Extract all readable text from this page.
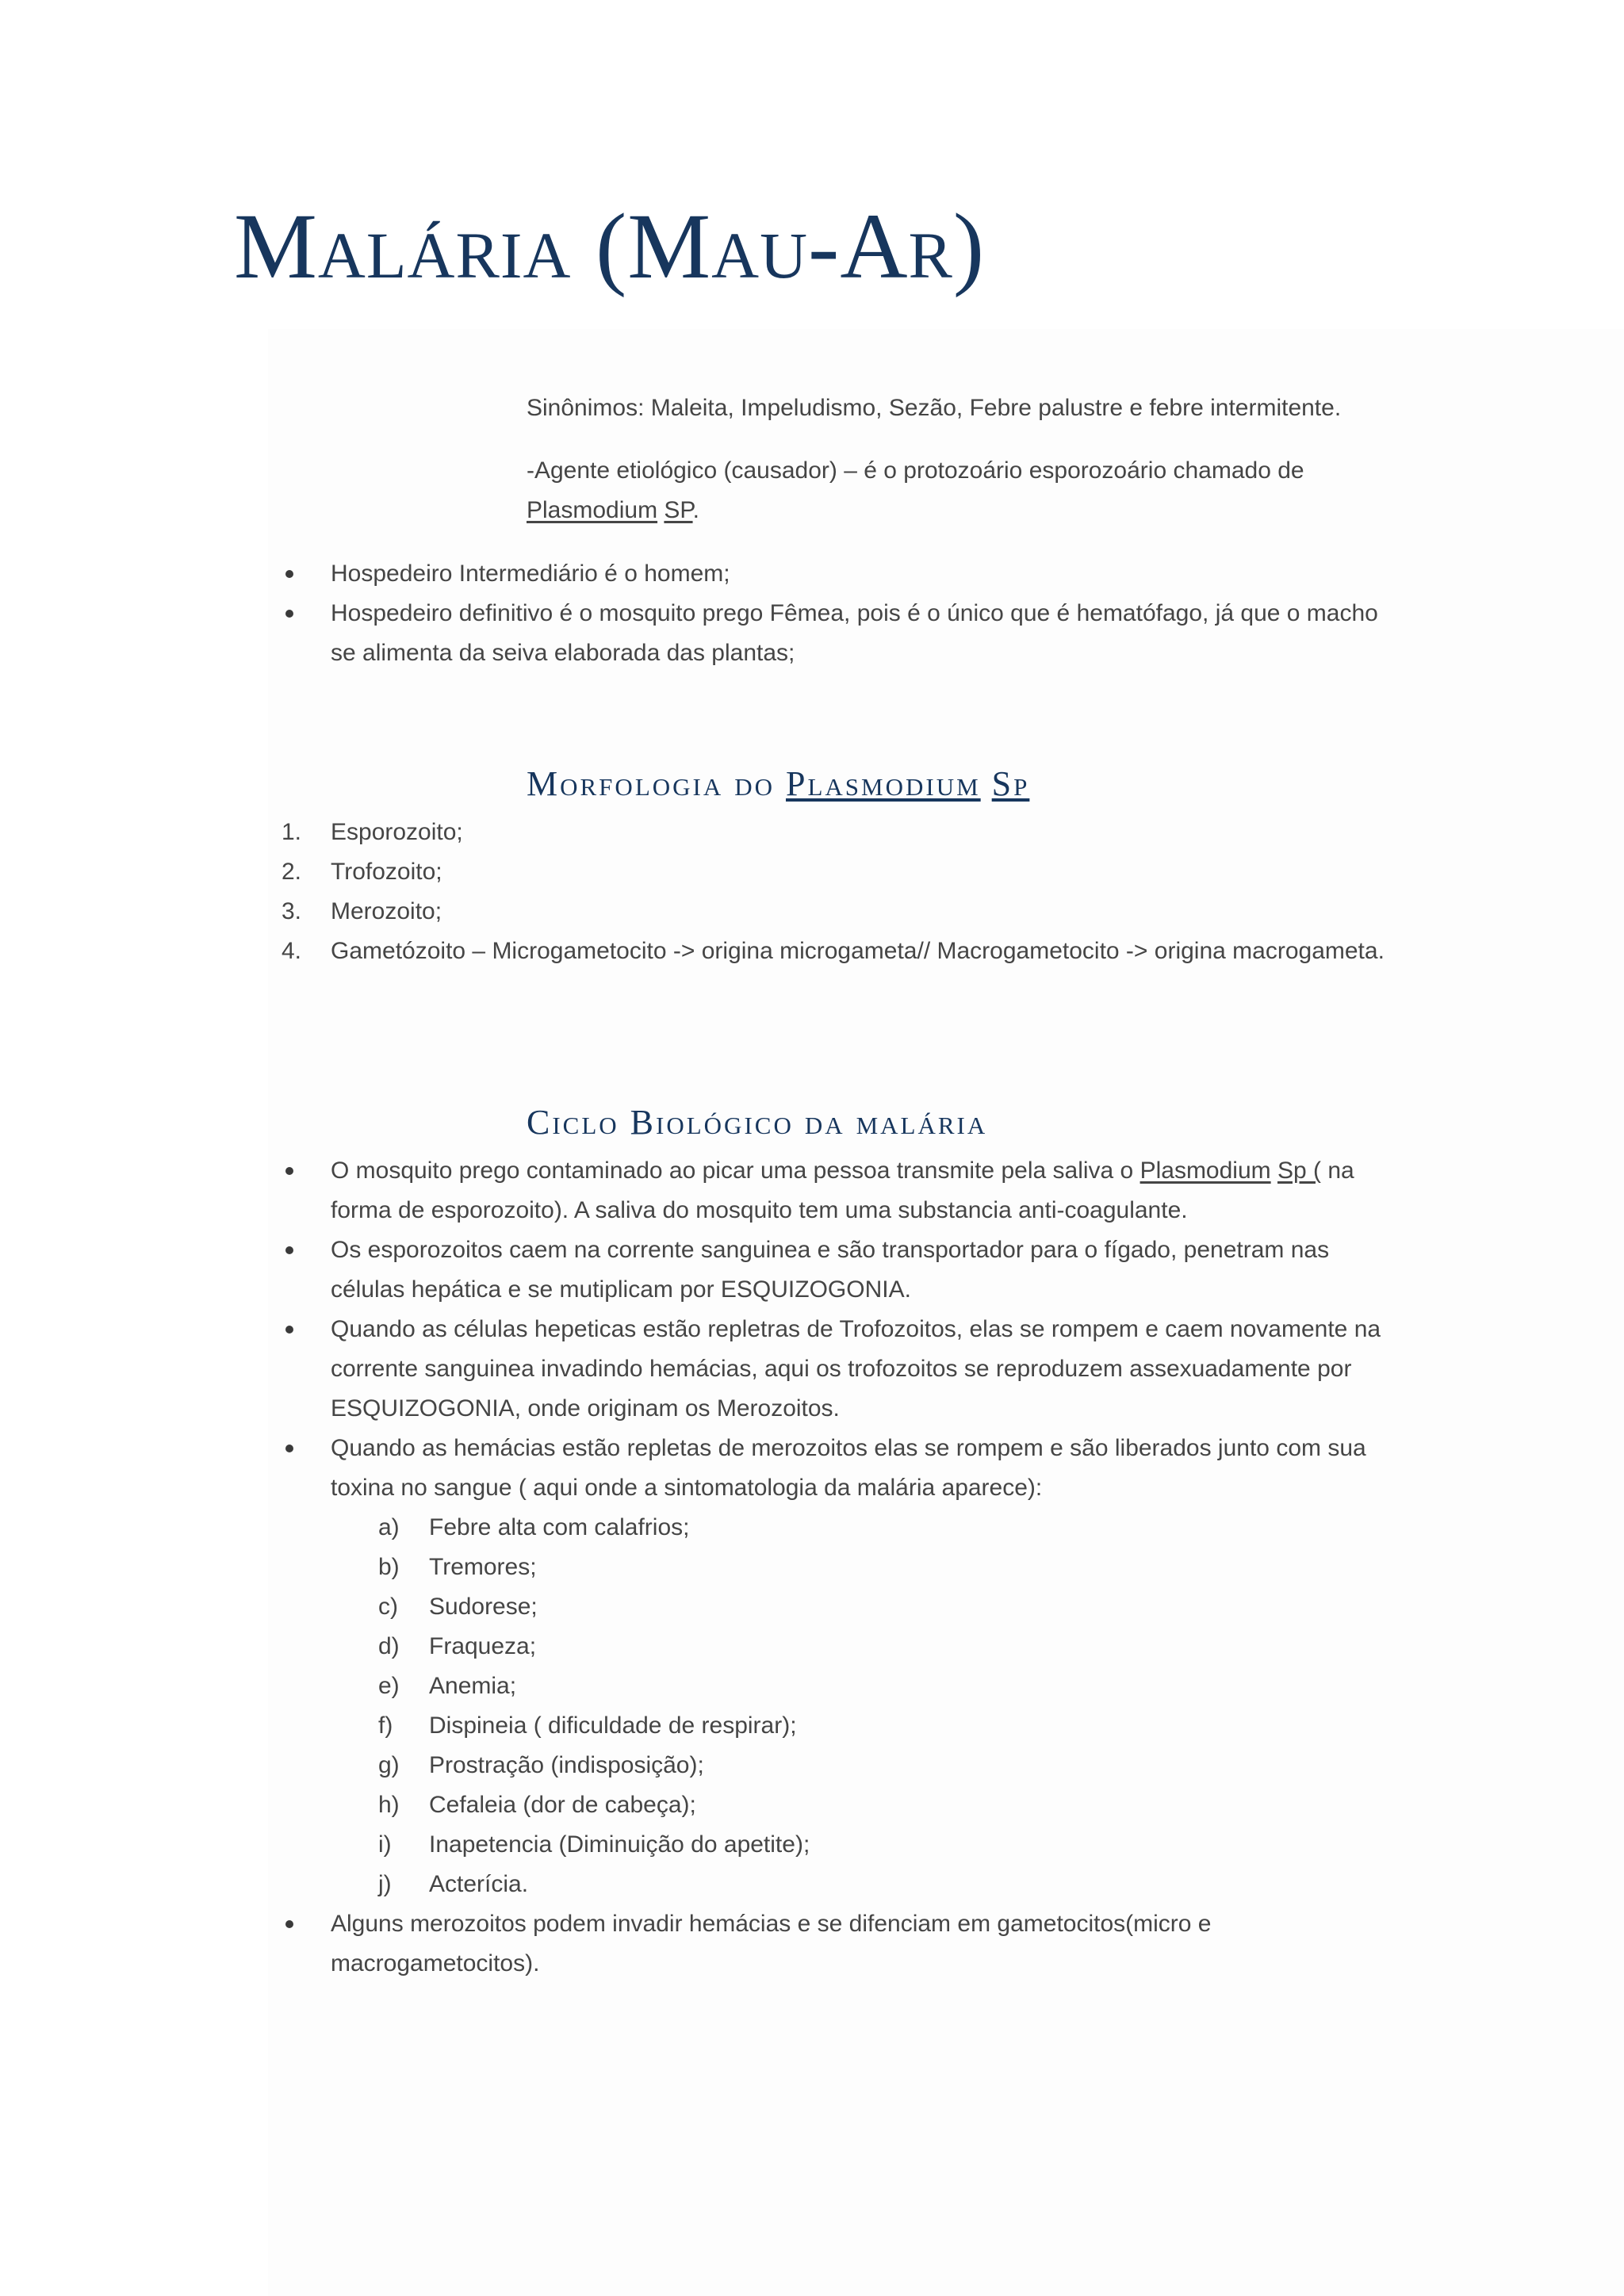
Malária (Mau-Ar)

Sinônimos: Maleita, Impeludismo, Sezão, Febre palustre e febre intermitente.

-Agente etiológico (causador) – é o protozoário esporozoário chamado de Plasmodium SP.

Hospedeiro Intermediário é o homem;
Hospedeiro definitivo é o mosquito prego Fêmea, pois é o único que é hematófago, já que o macho se alimenta da seiva elaborada das plantas;
Morfologia do Plasmodium Sp
1.	Esporozoito;
2.	Trofozoito;
3.	Merozoito;
4.	Gametózoito – Microgametocito -> origina microgameta// Macrogametocito -> origina macrogameta.
Ciclo Biológico da malária
O mosquito prego contaminado ao picar uma pessoa transmite pela saliva o Plasmodium Sp ( na forma de esporozoito). A saliva do mosquito tem uma substancia anti-coagulante.
Os esporozoitos caem na corrente sanguinea e são transportador para o fígado, penetram nas células hepática e se mutiplicam por ESQUIZOGONIA.
Quando as células hepeticas estão repletras de Trofozoitos, elas se rompem e caem novamente na corrente sanguinea invadindo hemácias, aqui os trofozoitos se reproduzem assexuadamente por ESQUIZOGONIA, onde originam os Merozoitos.
Quando as hemácias estão repletas de merozoitos elas se rompem e são liberados junto com sua toxina no sangue ( aqui onde a sintomatologia da malária aparece):
a)	Febre alta com calafrios;
b)	Tremores;
c)	Sudorese;
d)	Fraqueza;
e)	Anemia;
f)	Dispineia ( dificuldade de respirar);
g)	Prostração (indisposição);
h)	Cefaleia (dor de cabeça);
i)	Inapetencia (Diminuição do apetite);
j)	Acterícia.
Alguns merozoitos podem invadir hemácias e se difenciam em gametocitos(micro e macrogametocitos).
